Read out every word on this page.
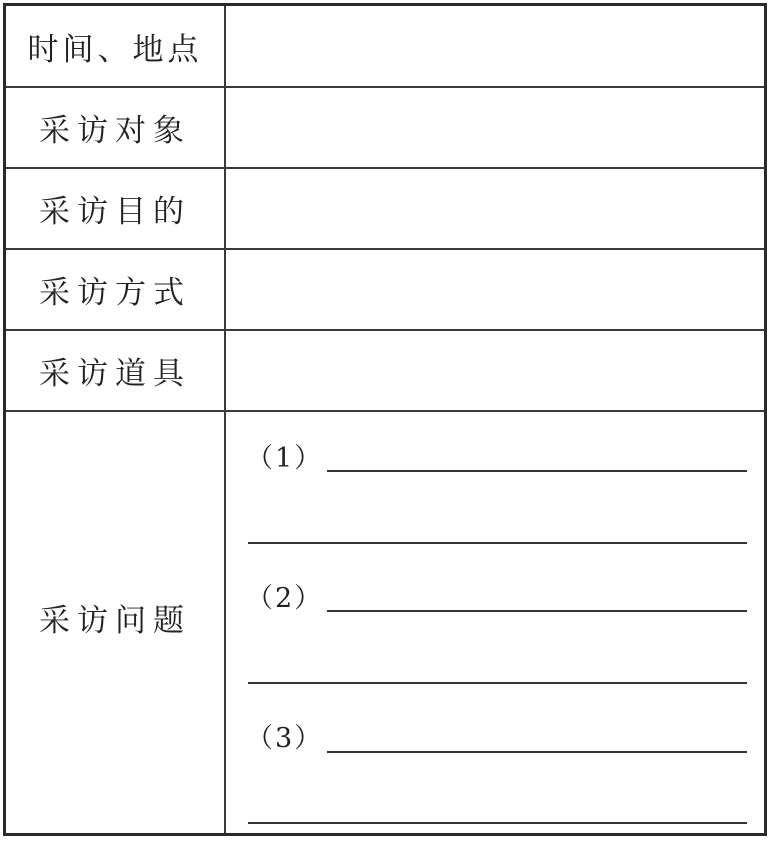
时间、地点
采访对象
采访目的
采访方式
采访道具
采访问题
（1）
（2）
（3）
